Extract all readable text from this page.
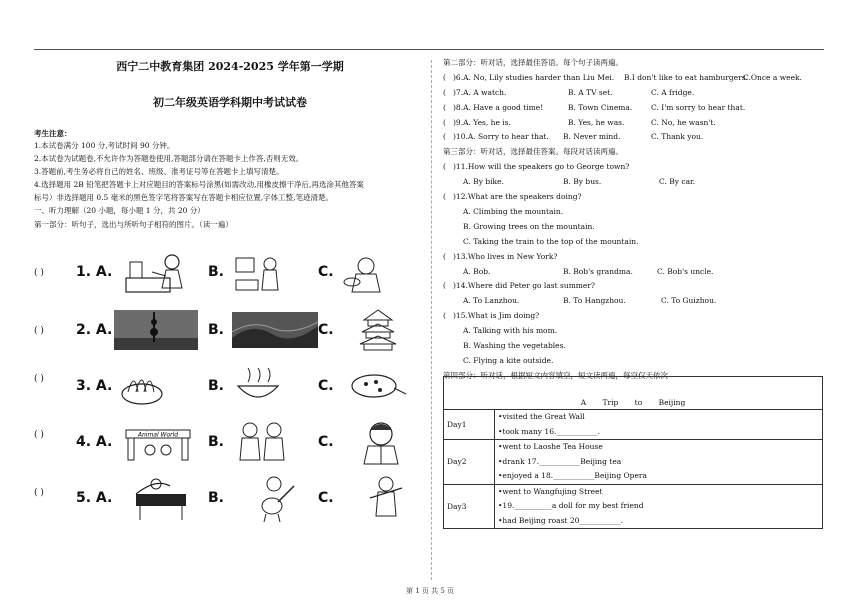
西宁二中教育集团 2024-2025 学年第一学期
初二年级英语学科期中考试试卷
考生注意：
1.本试卷满分 100 分,考试时间 90 分钟。
2.本试卷为试题卷,不允许作为答题卷使用,答题部分请在答题卡上作答,否则无效。
3.答题前,考生务必将自己的姓名、班级、准考证号等在答题卡上填写清楚。
4.选择题用 2B 铅笔把答题卡上对应题目的答案标号涂黑(如需改动,用橡皮擦干净后,再选涂其他答案
标号）非选择题用 0.5 毫米的黑色签字笔将答案写在答题卡相应位置,字体工整,笔迹清楚。
一、听力理解（20 小题，每小题 1 分，共 20 分）
第一部分：听句子，选出与所听句子相符的图片。（读一遍）
( ) 1. A.	B.	C.
( ) 2. A.	B.	C.
( ) 3. A.	B.	C.
( ) 4. A.	Animal World B.	C.
( ) 5. A.	B.	C.
第二部分：听对话，选择最佳答语。每个句子读两遍。
( )6.A. No, Lily studies harder than Liu Mei. B.I don't like to eat hamburgers.
C.Once a week.
( )7.A. A watch.	B. A TV set.	C. A fridge.
( )8.A. Have a good time!	B. Town Cinema.	C. I'm sorry to hear that.
( )9.A. Yes, he is.	B. Yes, he was.	C. No, he wasn't.
( )10.A. Sorry to hear that. B. Never mind.	C. Thank you.
第三部分：听对话，选择最佳答案。每段对话读两遍。
( )11.How will the speakers go to George town?
A. By bike.	B. By bus.	C. By car.
( )12.What are the speakers doing?
A. Climbing the mountain.
B. Growing trees on the mountain.
C. Taking the train to the top of the mountain.
( )13.Who lives in New York?
A. Bob.	B. Bob's grandma.	C. Bob's uncle.
( )14.Where did Peter go last summer?
A. To Lanzhou.	B. To Hangzhou.	C. To Guizhou.
( )15.What is Jim doing?
A. Talking with his mom.
B. Washing the vegetables.
C. Flying a kite outside.
第四部分：听对话，根据短文内容填空，短文读两遍，每空仅天依次
A Trip to Beijing	
Day1	•visited the Great Wall
•took many 16.___________.

Day2	•went to Laoshe Tea House
•drank 17.___________Beijing tea
•enjoyed a 18.___________Beijing Opera

Day3	•went to Wangfujing Street
•19.__________a doll for my best friend
•had Beijing roast 20___________.
第 1 页 共 5 页
